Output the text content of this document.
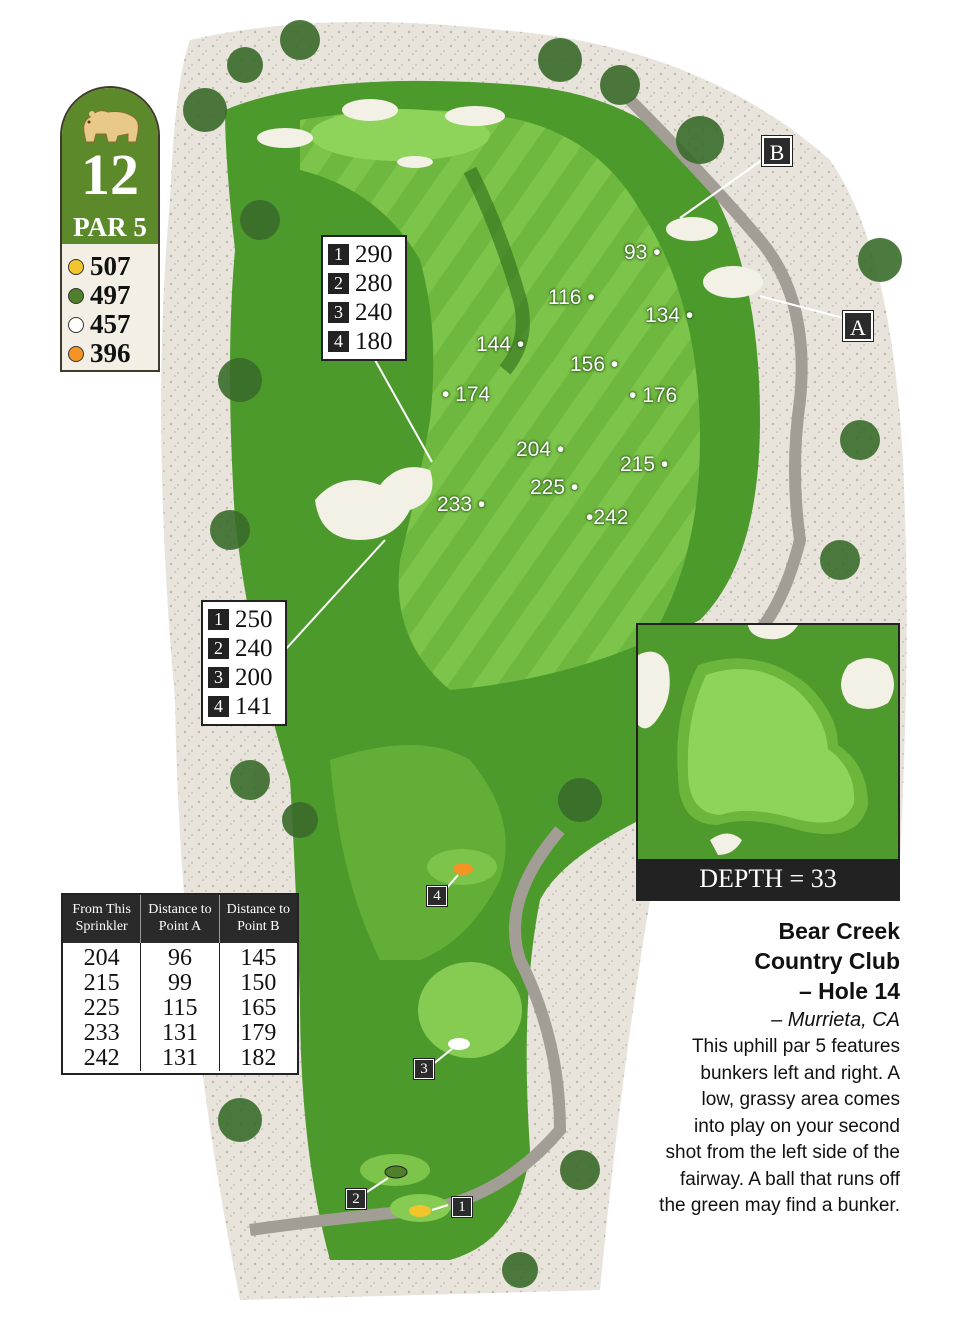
12
PAR 5
507
497
457
396
1 290
2 280
3 240
4 180
1 250
2 240
3 200
4 141
B
A
93 •
116 •
134 •
144 •
156 •
• 174	• 176
204 •
215 •
225 •
233 •
•242
4
3
2	1
From This Sprinkler
Distance to Point A
Distance to Point B
204
215
225
233
242
96
99
115
131
131
145
150
165
179
182
DEPTH = 33
Bear Creek
Country Club
– Hole 14
– Murrieta, CA
This uphill par 5 features
bunkers left and right. A
low, grassy area comes
into play on your second
shot from the left side of the
fairway. A ball that runs off
the green may find a bunker.
